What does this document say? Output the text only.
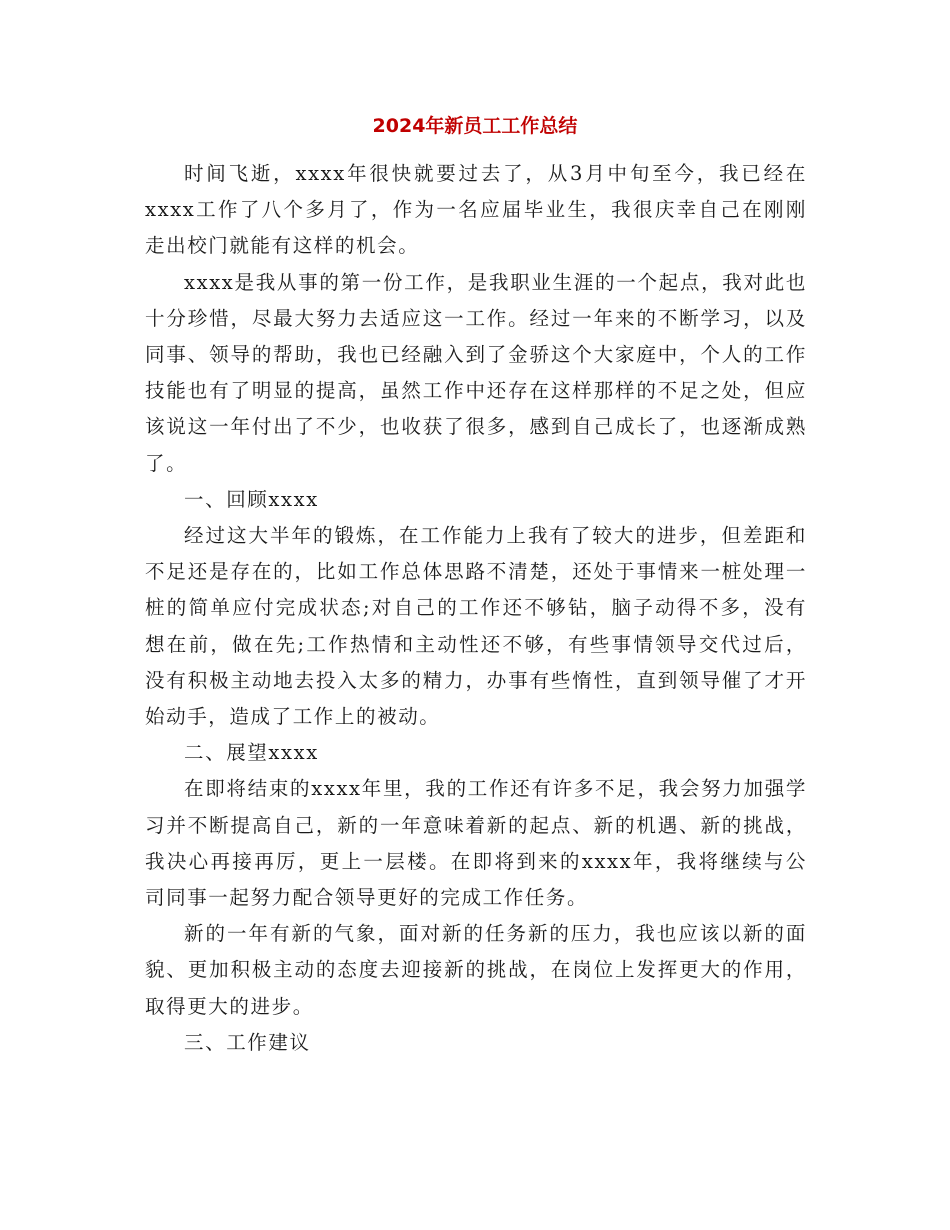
2024年新员工工作总结

时间飞逝，xxxx年很快就要过去了，从3月中旬至今，我已经在xxxx工作了八个多月了，作为一名应届毕业生，我很庆幸自己在刚刚走出校门就能有这样的机会。

xxxx是我从事的第一份工作，是我职业生涯的一个起点，我对此也十分珍惜，尽最大努力去适应这一工作。经过一年来的不断学习，以及同事、领导的帮助，我也已经融入到了金骄这个大家庭中，个人的工作技能也有了明显的提高，虽然工作中还存在这样那样的不足之处，但应该说这一年付出了不少，也收获了很多，感到自己成长了，也逐渐成熟了。

一、回顾xxxx

经过这大半年的锻炼，在工作能力上我有了较大的进步，但差距和不足还是存在的，比如工作总体思路不清楚，还处于事情来一桩处理一桩的简单应付完成状态;对自己的工作还不够钻，脑子动得不多，没有想在前，做在先;工作热情和主动性还不够，有些事情领导交代过后，没有积极主动地去投入太多的精力，办事有些惰性，直到领导催了才开始动手，造成了工作上的被动。

二、展望xxxx

在即将结束的xxxx年里，我的工作还有许多不足，我会努力加强学习并不断提高自己，新的一年意味着新的起点、新的机遇、新的挑战，我决心再接再厉，更上一层楼。在即将到来的xxxx年，我将继续与公司同事一起努力配合领导更好的完成工作任务。

新的一年有新的气象，面对新的任务新的压力，我也应该以新的面貌、更加积极主动的态度去迎接新的挑战，在岗位上发挥更大的作用，取得更大的进步。

三、工作建议
